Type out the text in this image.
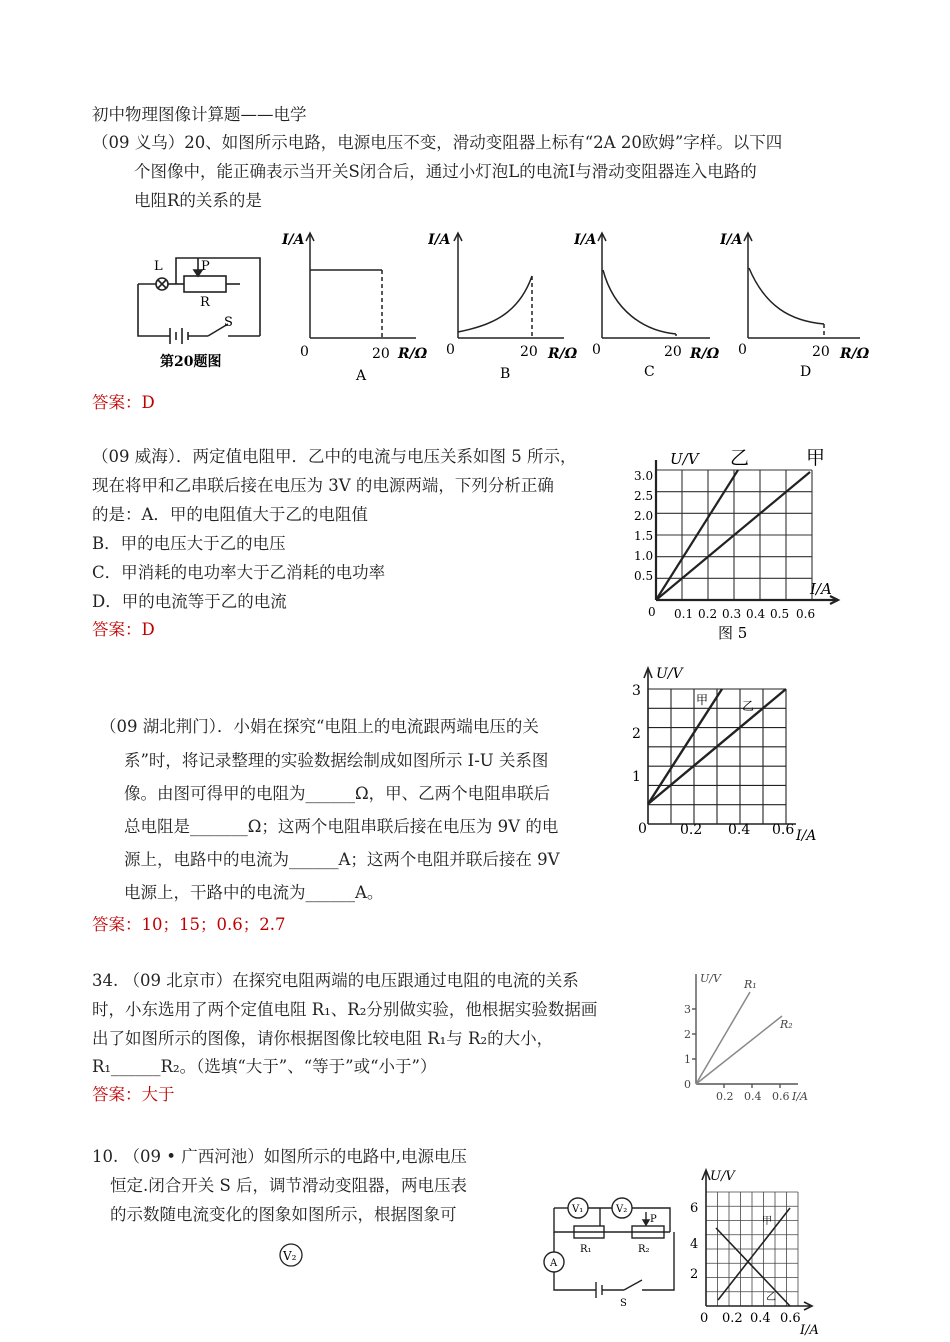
初中物理图像计算题——电学
（09 义乌）20、如图所示电路，电源电压不变，滑动变阻器上标有“2A 20欧姆”字样。以下四
个图像中，能正确表示当开关S闭合后，通过小灯泡L的电流I与滑动变阻器连入电路的
电阻R的关系的是
L	P
R
S
第20题图
I/A
0	20 R/Ω
A
I/A
0	20 R/Ω
B
I/A
0	20 R/Ω
C
I/A
0	20 R/Ω
D
答案：D
（09 威海）．两定值电阻甲．乙中的电流与电压关系如图 5 所示，
现在将甲和乙串联后接在电压为 3V 的电源两端，下列分析正确
的是：A．甲的电阻值大于乙的电阻值
B．甲的电压大于乙的电压
C．甲消耗的电功率大于乙消耗的电功率
D．甲的电流等于乙的电流
答案：D
U/V 乙	甲
I/A
0
3.0
2.5
2.0
1.5
1.0
0.5
0.1 0.2 0.3 0.4 0.5 0.6
图 5
（09 湖北荆门）．小娟在探究“电阻上的电流跟两端电压的关
系”时，将记录整理的实验数据绘制成如图所示 I-U 关系图
像。由图可得甲的电阻为______Ω，甲、乙两个电阻串联后
总电阻是_______Ω；这两个电阻串联后接在电压为 9V 的电
源上，电路中的电流为______A；这两个电阻并联后接在 9V
电源上，干路中的电流为______A。
答案：10；15；0.6；2.7
U/V
甲	乙
I/A
0
3
2
1
0.2 0.4 0.6
34. （09 北京市）在探究电阻两端的电压跟通过电阻的电流的关系
时，小东选用了两个定值电阻 R₁、R₂分别做实验，他根据实验数据画
出了如图所示的图像，请你根据图像比较电阻 R₁与 R₂的大小，
R₁______R₂。（选填“大于”、“等于”或“小于”）
答案：大于
U/V R₁
R₂
3
2
1
0
0.2 0.4 0.6 I/A
10. （09 • 广西河池）如图所示的电路中,电源电压
恒定.闭合开关 S 后，调节滑动变阻器，两电压表
的示数随电流变化的图象如图所示，根据图象可
V₂
V₁	V₂
P
R₁	R₂
A
S
U/V
甲
乙
6
4
2
0 0.2 0.4 0.6
I/A
